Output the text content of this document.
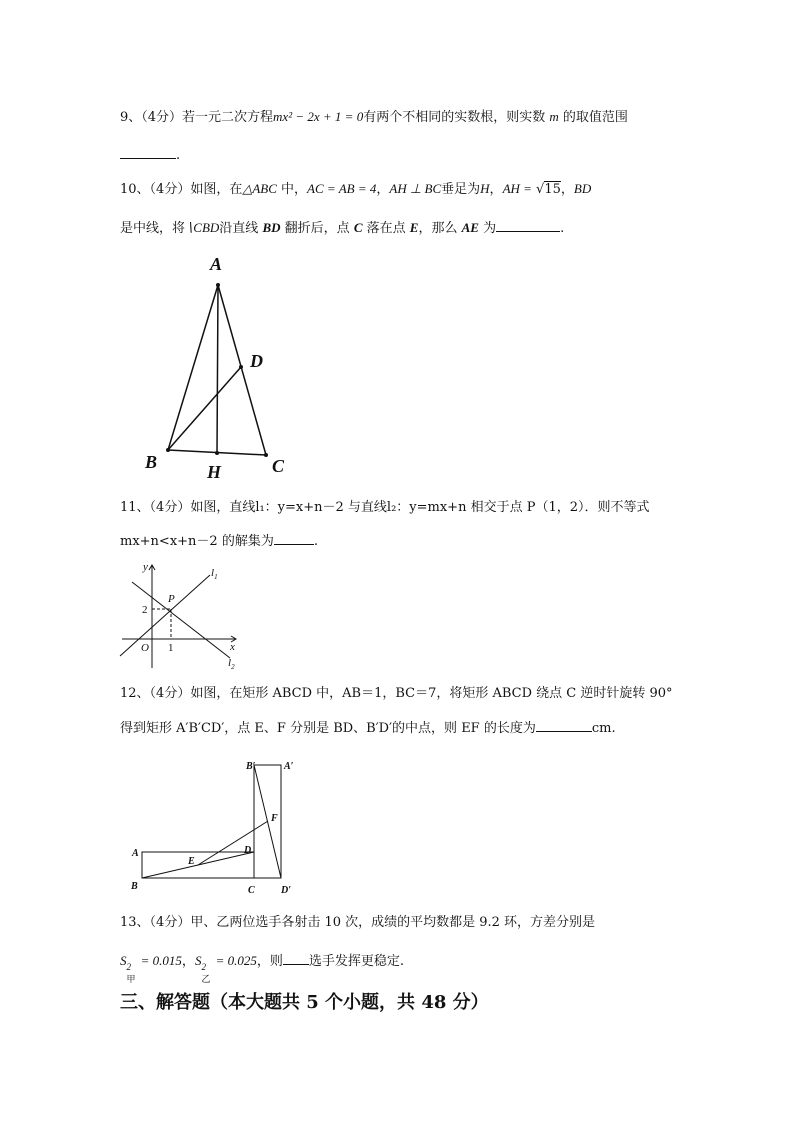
9、（4分）若一元二次方程mx² − 2x + 1 = 0有两个不相同的实数根，则实数 m 的取值范围
.
10、（4分）如图，在△ABC 中，AC = AB = 4，AH ⊥ BC垂足为H，AH = √15，BD
是中线，将∖CBD沿直线 BD 翻折后，点 C 落在点 E，那么 AE 为	.
A
B	C
D
H
11、（4分）如图，直线l₁：y=x+n－2 与直线l₂：y=mx+n 相交于点 P（1，2）．则不等式
mx+n<x+n－2 的解集为	.
y
x
O
P
$l_1$
$l_2$
2
1
12、（4分）如图，在矩形 ABCD 中，AB＝1，BC＝7，将矩形 ABCD 绕点 C 逆时针旋转 90°
得到矩形 A′B′CD′，点 E、F 分别是 BD、B′D′的中点，则 EF 的长度为	cm.
B′	A′
F
A
E
D
B	C	D′
13、（4分）甲、乙两位选手各射击 10 次，成绩的平均数都是 9.2 环，方差分别是
S 2
甲
= 0.015，S 2
乙
= 0.025，则 选手发挥更稳定.
三、解答题（本大题共 5 个小题，共 48 分）
